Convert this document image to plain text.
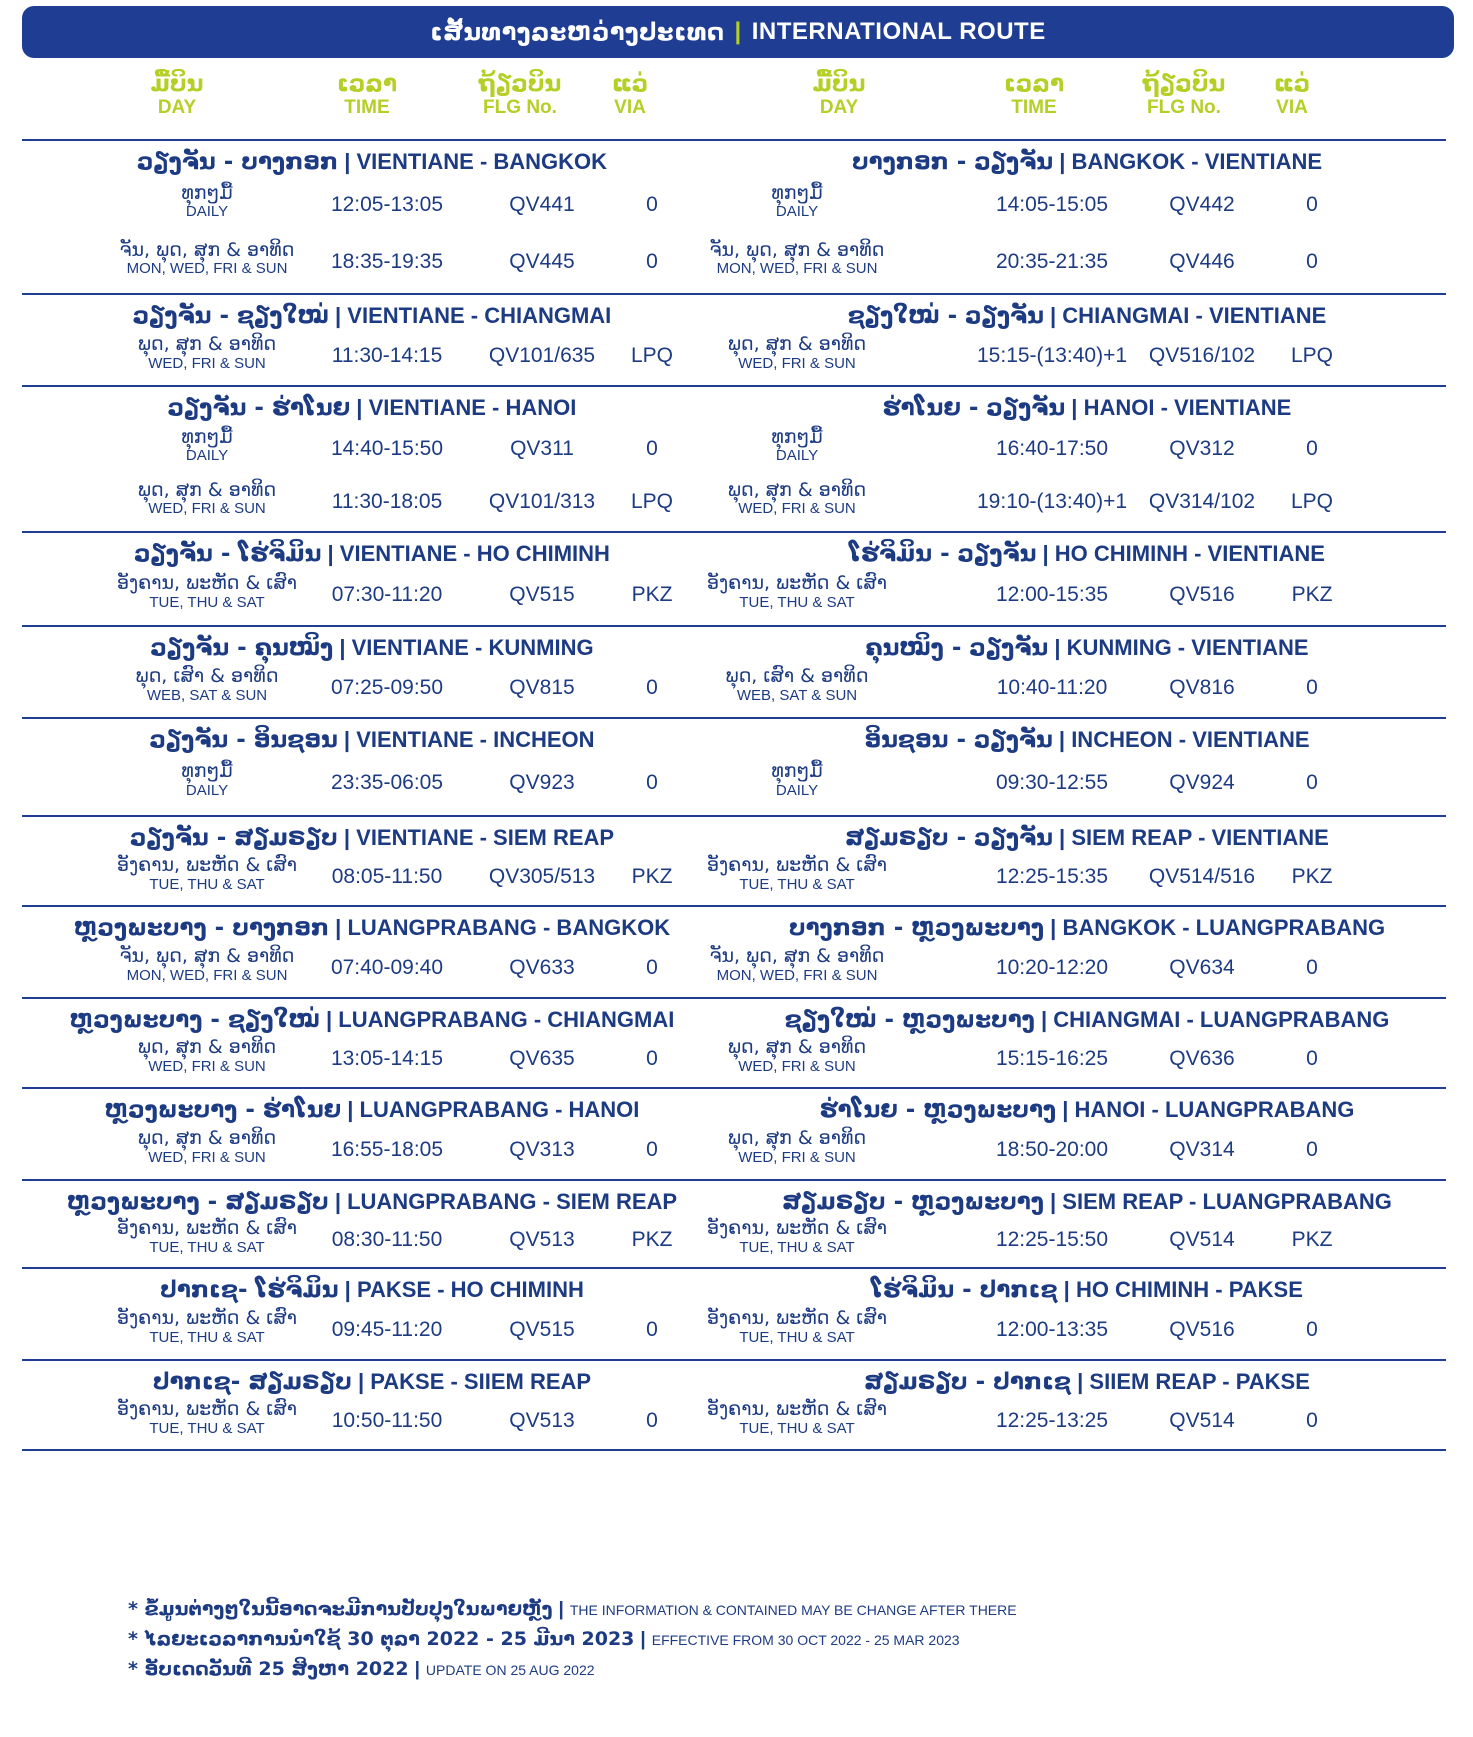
ເສັ້ນທາງລະຫວ່າງປະເທດ | INTERNATIONAL ROUTE
ມື້ບິນ
DAY
ເວລາ
TIME
ຖ້ຽວບິນ
FLG No.
ແວ່
VIA
ມື້ບິນ
DAY
ເວລາ
TIME
ຖ້ຽວບິນ
FLG No.
ແວ່
VIA
ວຽງຈັນ - ບາງກອກ | VIENTIANE - BANGKOK
ທຸກໆມື້
DAILY	12:05-13:05	QV441	0
ຈັນ, ພຸດ, ສຸກ & ອາທິດ
MON, WED, FRI & SUN	18:35-19:35	QV445	0
ບາງກອກ - ວຽງຈັນ | BANGKOK - VIENTIANE
ທຸກໆມື້
DAILY	14:05-15:05	QV442	0
ຈັນ, ພຸດ, ສຸກ & ອາທິດ
MON, WED, FRI & SUN	20:35-21:35	QV446	0
ວຽງຈັນ - ຊຽງໃໝ່ | VIENTIANE - CHIANGMAI
ພຸດ, ສຸກ & ອາທິດ
WED, FRI & SUN	11:30-14:15	QV101/635	LPQ
ຊຽງໃໝ່ - ວຽງຈັນ | CHIANGMAI - VIENTIANE
ພຸດ, ສຸກ & ອາທິດ
WED, FRI & SUN	15:15-(13:40)+1	QV516/102	LPQ
ວຽງຈັນ - ຮ່າໂນຍ | VIENTIANE - HANOI
ທຸກໆມື້
DAILY	14:40-15:50	QV311	0
ພຸດ, ສຸກ & ອາທິດ
WED, FRI & SUN	11:30-18:05	QV101/313	LPQ
ຮ່າໂນຍ - ວຽງຈັນ | HANOI - VIENTIANE
ທຸກໆມື້
DAILY	16:40-17:50	QV312	0
ພຸດ, ສຸກ & ອາທິດ
WED, FRI & SUN	19:10-(13:40)+1	QV314/102	LPQ
ວຽງຈັນ - ໂຮ່ຈິມິນ | VIENTIANE - HO CHIMINH
ອັງຄານ, ພະຫັດ & ເສົາ
TUE, THU & SAT	07:30-11:20	QV515	PKZ
ໂຮ່ຈິມິນ - ວຽງຈັນ | HO CHIMINH - VIENTIANE
ອັງຄານ, ພະຫັດ & ເສົາ
TUE, THU & SAT	12:00-15:35	QV516	PKZ
ວຽງຈັນ - ຄຸນໝິງ | VIENTIANE - KUNMING
ພຸດ, ເສົາ & ອາທິດ
WEB, SAT & SUN	07:25-09:50	QV815	0
ຄຸນໝິງ - ວຽງຈັນ | KUNMING - VIENTIANE
ພຸດ, ເສົາ & ອາທິດ
WEB, SAT & SUN	10:40-11:20	QV816	0
ວຽງຈັນ - ອິນຊອນ | VIENTIANE - INCHEON
ທຸກໆມື້
DAILY	23:35-06:05	QV923	0
ອິນຊອນ - ວຽງຈັນ | INCHEON - VIENTIANE
ທຸກໆມື້
DAILY	09:30-12:55	QV924	0
ວຽງຈັນ - ສຽມຣຽບ | VIENTIANE - SIEM REAP
ອັງຄານ, ພະຫັດ & ເສົາ
TUE, THU & SAT	08:05-11:50	QV305/513	PKZ
ສຽມຣຽບ - ວຽງຈັນ | SIEM REAP - VIENTIANE
ອັງຄານ, ພະຫັດ & ເສົາ
TUE, THU & SAT	12:25-15:35	QV514/516	PKZ
ຫຼວງພະບາງ - ບາງກອກ | LUANGPRABANG - BANGKOK
ຈັນ, ພຸດ, ສຸກ & ອາທິດ
MON, WED, FRI & SUN	07:40-09:40	QV633	0
ບາງກອກ - ຫຼວງພະບາງ | BANGKOK - LUANGPRABANG
ຈັນ, ພຸດ, ສຸກ & ອາທິດ
MON, WED, FRI & SUN	10:20-12:20	QV634	0
ຫຼວງພະບາງ - ຊຽງໃໝ່ | LUANGPRABANG - CHIANGMAI
ພຸດ, ສຸກ & ອາທິດ
WED, FRI & SUN	13:05-14:15	QV635	0
ຊຽງໃໝ່ - ຫຼວງພະບາງ | CHIANGMAI - LUANGPRABANG
ພຸດ, ສຸກ & ອາທິດ
WED, FRI & SUN	15:15-16:25	QV636	0
ຫຼວງພະບາງ - ຮ່າໂນຍ | LUANGPRABANG - HANOI
ພຸດ, ສຸກ & ອາທິດ
WED, FRI & SUN	16:55-18:05	QV313	0
ຮ່າໂນຍ - ຫຼວງພະບາງ | HANOI - LUANGPRABANG
ພຸດ, ສຸກ & ອາທິດ
WED, FRI & SUN	18:50-20:00	QV314	0
ຫຼວງພະບາງ - ສຽມຣຽບ | LUANGPRABANG - SIEM REAP
ອັງຄານ, ພະຫັດ & ເສົາ
TUE, THU & SAT	08:30-11:50	QV513	PKZ
ສຽມຣຽບ - ຫຼວງພະບາງ | SIEM REAP - LUANGPRABANG
ອັງຄານ, ພະຫັດ & ເສົາ
TUE, THU & SAT	12:25-15:50	QV514	PKZ
ປາກເຊ- ໂຮ່ຈິມິນ | PAKSE - HO CHIMINH
ອັງຄານ, ພະຫັດ & ເສົາ
TUE, THU & SAT	09:45-11:20	QV515	0
ໂຮ່ຈິມິນ - ປາກເຊ | HO CHIMINH - PAKSE
ອັງຄານ, ພະຫັດ & ເສົາ
TUE, THU & SAT	12:00-13:35	QV516	0
ປາກເຊ- ສຽມຣຽບ | PAKSE - SIIEM REAP
ອັງຄານ, ພະຫັດ & ເສົາ
TUE, THU & SAT	10:50-11:50	QV513	0
ສຽມຣຽບ - ປາກເຊ | SIIEM REAP - PAKSE
ອັງຄານ, ພະຫັດ & ເສົາ
TUE, THU & SAT	12:25-13:25	QV514	0
* ຂໍ້ມູນຕ່າງໆໃນນີ້ອາດຈະມີການປັບປຸງໃນພາຍຫຼັງ | THE INFORMATION & CONTAINED MAY BE CHANGE AFTER THERE
* ໄລຍະເວລາການນຳໃຊ້ 30 ຕຸລາ 2022 - 25 ມີນາ 2023 | EFFECTIVE FROM 30 OCT 2022 - 25 MAR 2023
* ອັບເດດວັນທີ 25 ສິງຫາ 2022 | UPDATE ON 25 AUG 2022
